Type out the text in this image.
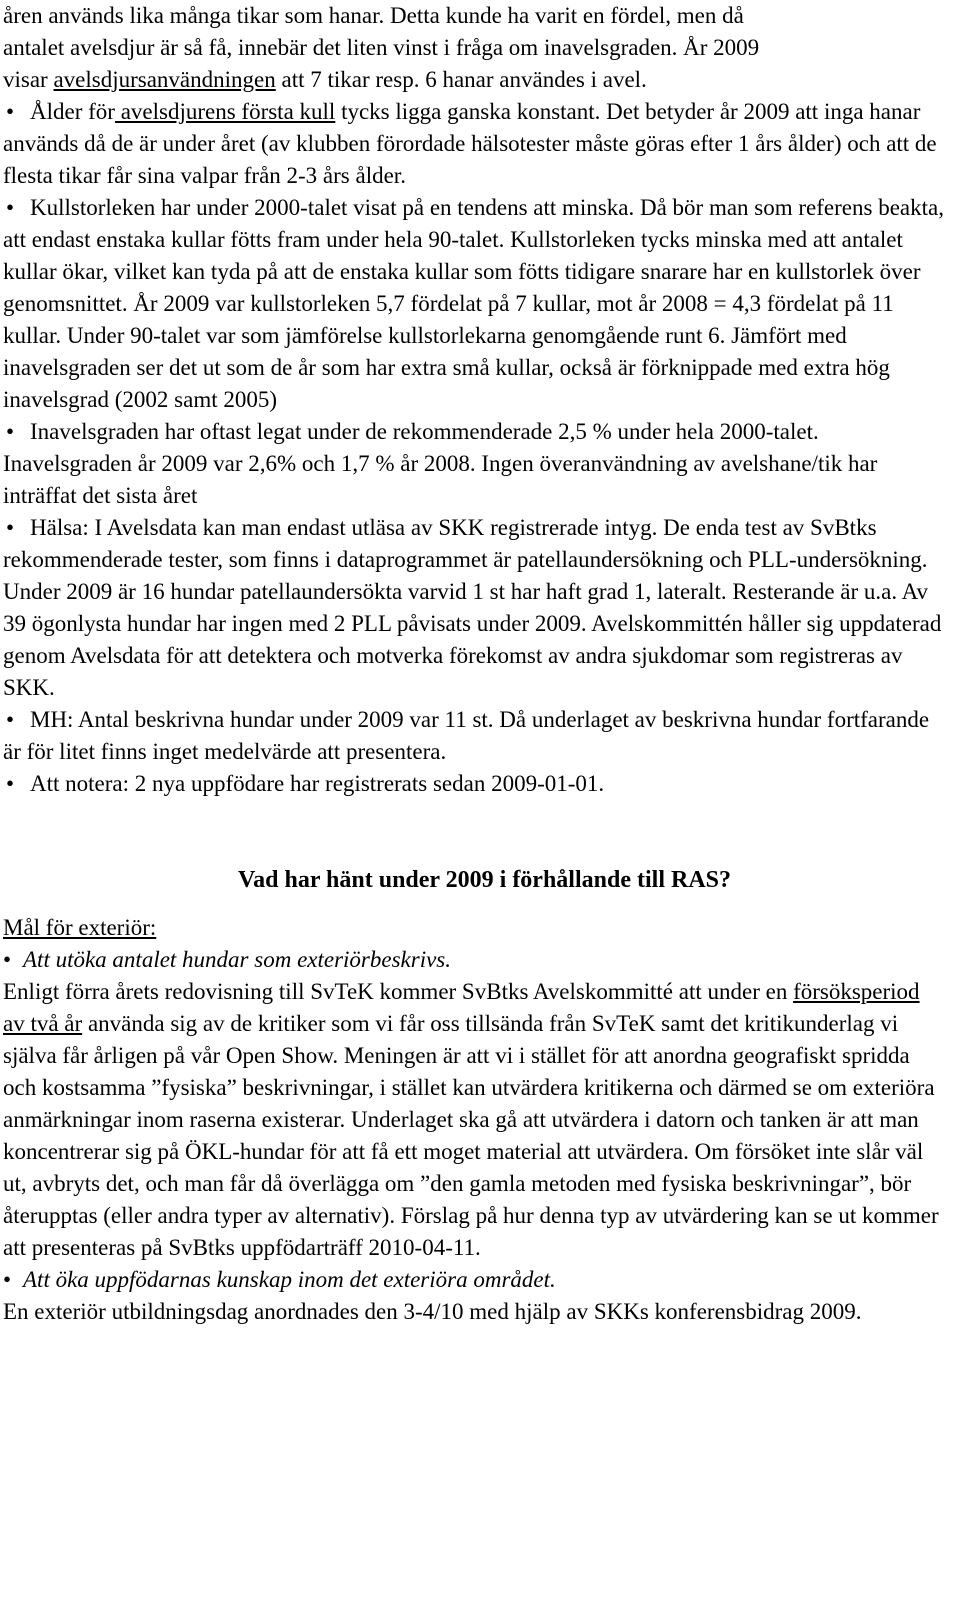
åren används lika många tikar som hanar. Detta kunde ha varit en fördel, men då
antalet avelsdjur är så få, innebär det liten vinst i fråga om inavelsgraden. År 2009
visar avelsdjursanvändningen att 7 tikar resp. 6 hanar användes i avel.

• Ålder för avelsdjurens första kull tycks ligga ganska konstant. Det betyder år 2009 att inga hanar används då de är under året (av klubben förordade hälsotester måste göras efter 1 års ålder) och att de flesta tikar får sina valpar från 2-3 års ålder.

• Kullstorleken har under 2000-talet visat på en tendens att minska. Då bör man som referens beakta, att endast enstaka kullar fötts fram under hela 90-talet. Kullstorleken tycks minska med att antalet kullar ökar, vilket kan tyda på att de enstaka kullar som fötts tidigare snarare har en kullstorlek över genomsnittet. År 2009 var kullstorleken 5,7 fördelat på 7 kullar, mot år 2008 = 4,3 fördelat på 11 kullar. Under 90-talet var som jämförelse kullstorlekarna genomgående runt 6. Jämfört med inavelsgraden ser det ut som de år som har extra små kullar, också är förknippade med extra hög inavelsgrad (2002 samt 2005)

• Inavelsgraden har oftast legat under de rekommenderade 2,5 % under hela 2000-talet. Inavelsgraden år 2009 var 2,6% och 1,7 % år 2008. Ingen överanvändning av avelshane/tik har inträffat det sista året

• Hälsa: I Avelsdata kan man endast utläsa av SKK registrerade intyg. De enda test av SvBtks rekommenderade tester, som finns i dataprogrammet är patellaundersökning och PLL-undersökning. Under 2009 är 16 hundar patellaundersökta varvid 1 st har haft grad 1, lateralt. Resterande är u.a. Av 39 ögonlysta hundar har ingen med 2 PLL påvisats under 2009. Avelskommittén håller sig uppdaterad genom Avelsdata för att detektera och motverka förekomst av andra sjukdomar som registreras av SKK.

• MH: Antal beskrivna hundar under 2009 var 11 st. Då underlaget av beskrivna hundar fortfarande är för litet finns inget medelvärde att presentera.

• Att notera: 2 nya uppfödare har registrerats sedan 2009-01-01.

Vad har hänt under 2009 i förhållande till RAS?

Mål för exteriör:

• Att utöka antalet hundar som exteriörbeskrivs.

Enligt förra årets redovisning till SvTeK kommer SvBtks Avelskommitté att under en försöksperiod av två år använda sig av de kritiker som vi får oss tillsända från SvTeK samt det kritikunderlag vi själva får årligen på vår Open Show. Meningen är att vi i stället för att anordna geografiskt spridda och kostsamma ”fysiska” beskrivningar, i stället kan utvärdera kritikerna och därmed se om exteriöra anmärkningar inom raserna existerar. Underlaget ska gå att utvärdera i datorn och tanken är att man koncentrerar sig på ÖKL-hundar för att få ett moget material att utvärdera. Om försöket inte slår väl ut, avbryts det, och man får då överlägga om ”den gamla metoden med fysiska beskrivningar”, bör återupptas (eller andra typer av alternativ). Förslag på hur denna typ av utvärdering kan se ut kommer att presenteras på SvBtks uppfödarträff 2010-04-11.

• Att öka uppfödarnas kunskap inom det exteriöra området.

En exteriör utbildningsdag anordnades den 3-4/10 med hjälp av SKKs konferensbidrag 2009.
